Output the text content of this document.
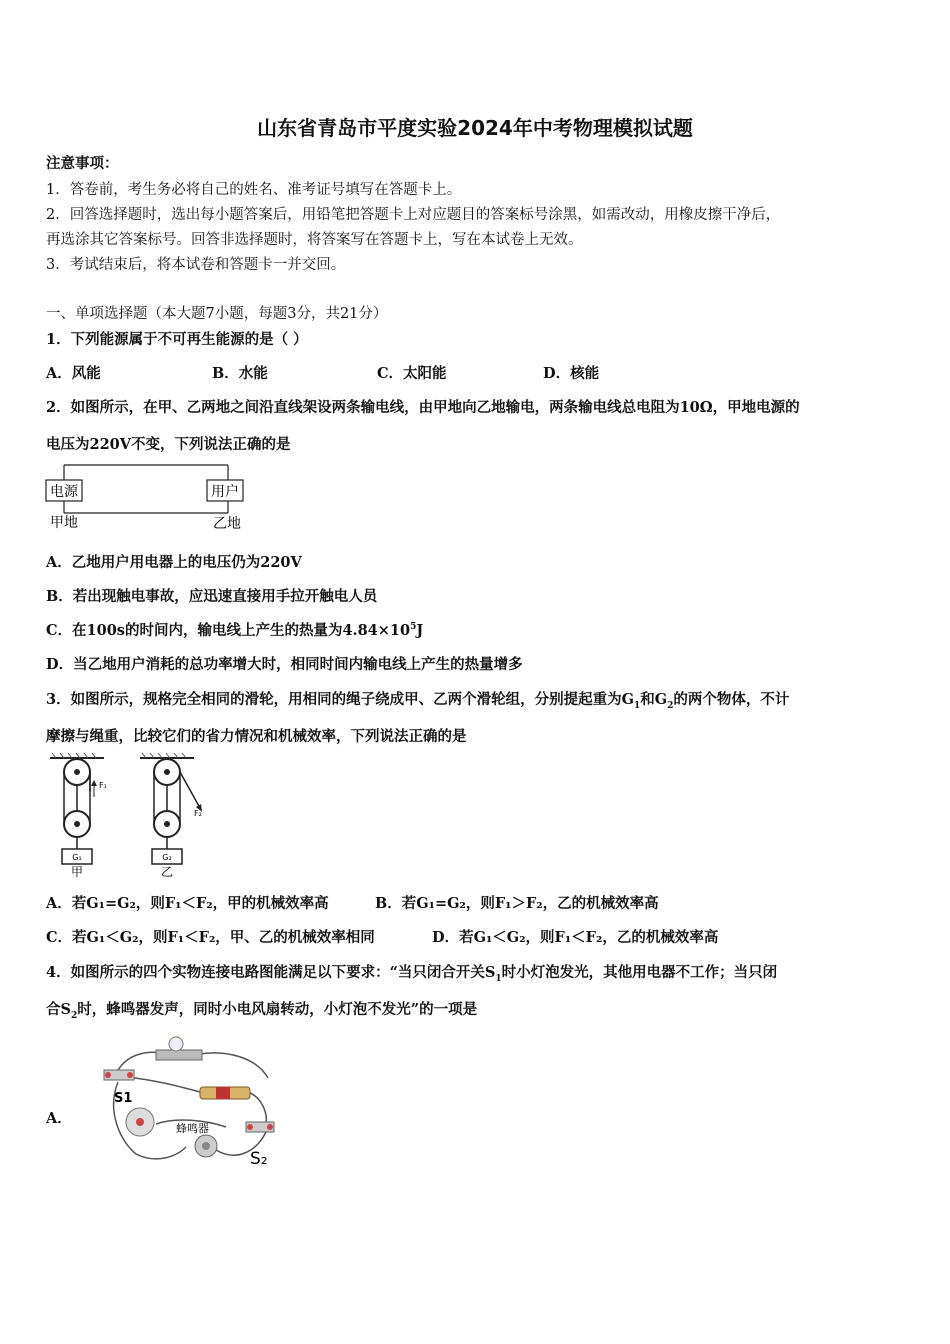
山东省青岛市平度实验2024年中考物理模拟试题
注意事项：
1．答卷前，考生务必将自己的姓名、准考证号填写在答题卡上。
2．回答选择题时，选出每小题答案后，用铅笔把答题卡上对应题目的答案标号涂黑，如需改动，用橡皮擦干净后，
再选涂其它答案标号。回答非选择题时，将答案写在答题卡上，写在本试卷上无效。
3．考试结束后，将本试卷和答题卡一并交回。
一、单项选择题（本大题7小题，每题3分，共21分）
1．下列能源属于不可再生能源的是（ ）
A．风能	B．水能	C．太阳能	D．核能
2．如图所示，在甲、乙两地之间沿直线架设两条输电线，由甲地向乙地输电，两条输电线总电阻为10Ω，甲地电源的
电压为220V不变，下列说法正确的是
电源	用户
甲地	乙地
A．乙地用户用电器上的电压仍为220V
B．若出现触电事故，应迅速直接用手拉开触电人员
C．在100s的时间内，输电线上产生的热量为$4.84\times 10^5J$
D．当乙地用户消耗的总功率增大时，相同时间内输电线上产生的热量增多
3．如图所示，规格完全相同的滑轮，用相同的绳子绕成甲、乙两个滑轮组，分别提起重为$G_1$和$G_2$的两个物体，不计
摩擦与绳重，比较它们的省力情况和机械效率，下列说法正确的是
F₁
G₁
甲
F₂
G₂
乙
A．若G₁=G₂，则F₁＜F₂，甲的机械效率高	B．若G₁=G₂，则F₁＞F₂，乙的机械效率高
C．若G₁＜G₂，则F₁＜F₂，甲、乙的机械效率相同	D．若G₁＜G₂，则F₁＜F₂，乙的机械效率高
4．如图所示的四个实物连接电路图能满足以下要求：“当只闭合开关$S_1$时小灯泡发光，其他用电器不工作；当只闭
合$S_2$时，蜂鸣器发声，同时小电风扇转动，小灯泡不发光”的一项是
A．
S1
蜂鸣器
S₂
